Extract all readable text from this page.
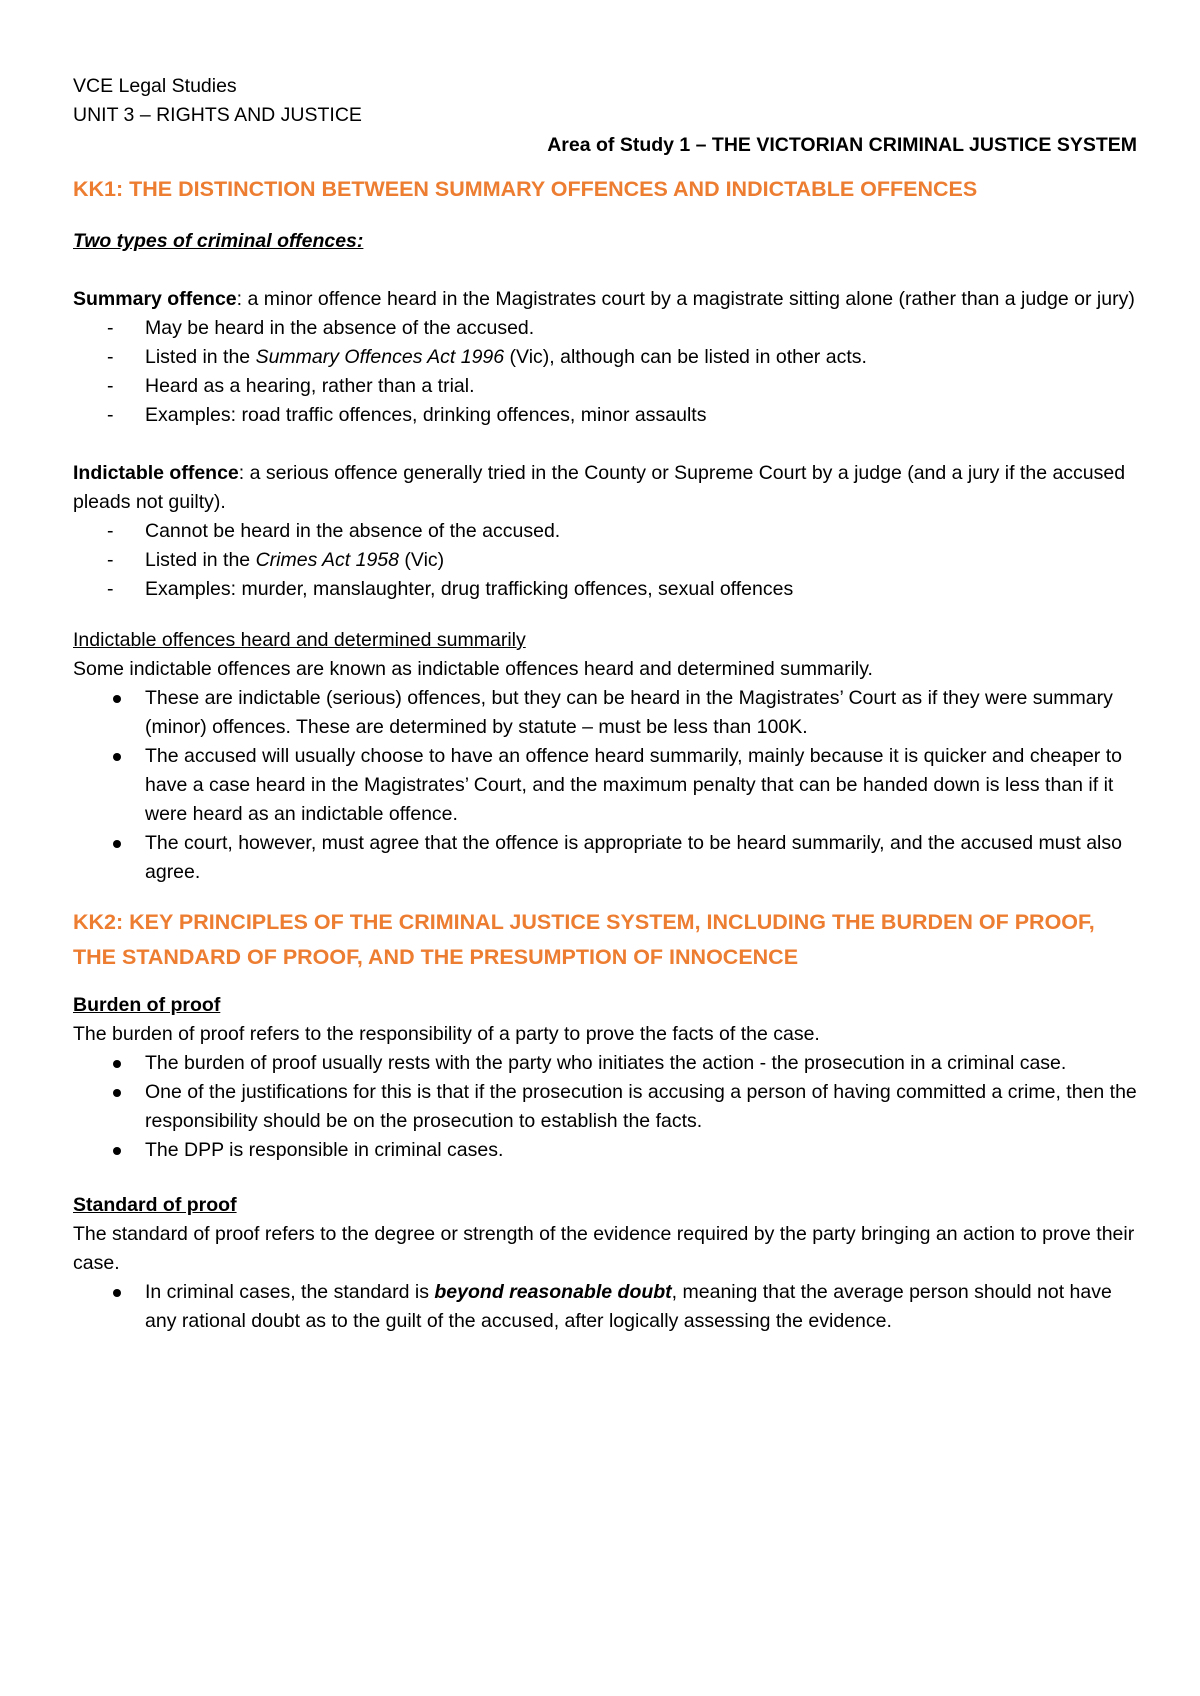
VCE Legal Studies

UNIT 3 – RIGHTS AND JUSTICE

Area of Study 1 – THE VICTORIAN CRIMINAL JUSTICE SYSTEM

KK1: THE DISTINCTION BETWEEN SUMMARY OFFENCES AND INDICTABLE OFFENCES

Two types of criminal offences:

Summary offence: a minor offence heard in the Magistrates court by a magistrate sitting alone (rather than a judge or jury)

- May be heard in the absence of the accused.
- Listed in the Summary Offences Act 1996 (Vic), although can be listed in other acts.
- Heard as a hearing, rather than a trial.
- Examples: road traffic offences, drinking offences, minor assaults

Indictable offence: a serious offence generally tried in the County or Supreme Court by a judge (and a jury if the accused pleads not guilty).

- Cannot be heard in the absence of the accused.
- Listed in the Crimes Act 1958 (Vic)
- Examples: murder, manslaughter, drug trafficking offences, sexual offences

Indictable offences heard and determined summarily

Some indictable offences are known as indictable offences heard and determined summarily.

These are indictable (serious) offences, but they can be heard in the Magistrates’ Court as if they were summary (minor) offences. These are determined by statute – must be less than 100K.
The accused will usually choose to have an offence heard summarily, mainly because it is quicker and cheaper to have a case heard in the Magistrates’ Court, and the maximum penalty that can be handed down is less than if it were heard as an indictable offence.
The court, however, must agree that the offence is appropriate to be heard summarily, and the accused must also agree.
KK2: KEY PRINCIPLES OF THE CRIMINAL JUSTICE SYSTEM, INCLUDING THE BURDEN OF PROOF, THE STANDARD OF PROOF, AND THE PRESUMPTION OF INNOCENCE

Burden of proof

The burden of proof refers to the responsibility of a party to prove the facts of the case.

The burden of proof usually rests with the party who initiates the action - the prosecution in a criminal case.
One of the justifications for this is that if the prosecution is accusing a person of having committed a crime, then the responsibility should be on the prosecution to establish the facts.
The DPP is responsible in criminal cases.

Standard of proof

The standard of proof refers to the degree or strength of the evidence required by the party bringing an action to prove their case.

In criminal cases, the standard is beyond reasonable doubt, meaning that the average person should not have any rational doubt as to the guilt of the accused, after logically assessing the evidence.
